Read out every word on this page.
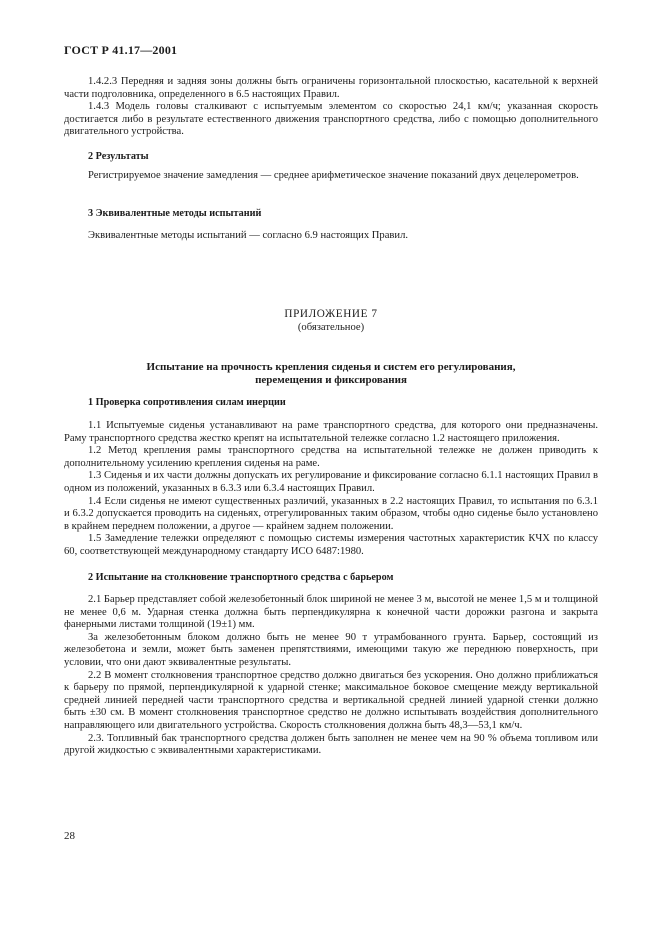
ГОСТ Р 41.17—2001

1.4.2.3 Передняя и задняя зоны должны быть ограничены горизонтальной плоскостью, касательной к верхней части подголовника, определенного в 6.5 настоящих Правил.

1.4.3 Модель головы сталкивают с испытуемым элементом со скоростью 24,1 км/ч; указанная скорость достигается либо в результате естественного движения транспортного средства, либо с помощью дополнительного двигательного устройства.

2 Результаты

Регистрируемое значение замедления — среднее арифметическое значение показаний двух децелерометров.

3 Эквивалентные методы испытаний

Эквивалентные методы испытаний — согласно 6.9 настоящих Правил.

ПРИЛОЖЕНИЕ 7
(обязательное)
Испытание на прочность крепления сиденья и систем его регулирования,
перемещения и фиксирования
1 Проверка сопротивления силам инерции

1.1 Испытуемые сиденья устанавливают на раме транспортного средства, для которого они предназначены. Раму транспортного средства жестко крепят на испытательной тележке согласно 1.2 настоящего приложения.

1.2 Метод крепления рамы транспортного средства на испытательной тележке не должен приводить к дополнительному усилению крепления сиденья на раме.

1.3 Сиденья и их части должны допускать их регулирование и фиксирование согласно 6.1.1 настоящих Правил в одном из положений, указанных в 6.3.3 или 6.3.4 настоящих Правил.

1.4 Если сиденья не имеют существенных различий, указанных в 2.2 настоящих Правил, то испытания по 6.3.1 и 6.3.2 допускается проводить на сиденьях, отрегулированных таким образом, чтобы одно сиденье было установлено в крайнем переднем положении, а другое — крайнем заднем положении.

1.5 Замедление тележки определяют с помощью системы измерения частотных характеристик КЧХ по классу 60, соответствующей международному стандарту ИСО 6487:1980.

2 Испытание на столкновение транспортного средства с барьером

2.1 Барьер представляет собой железобетонный блок шириной не менее 3 м, высотой не менее 1,5 м и толщиной не менее 0,6 м. Ударная стенка должна быть перпендикулярна к конечной части дорожки разгона и закрыта фанерными листами толщиной (19±1) мм.

За железобетонным блоком должно быть не менее 90 т утрамбованного грунта. Барьер, состоящий из железобетона и земли, может быть заменен препятствиями, имеющими такую же переднюю поверхность, при условии, что они дают эквивалентные результаты.

2.2 В момент столкновения транспортное средство должно двигаться без ускорения. Оно должно приближаться к барьеру по прямой, перпендикулярной к ударной стенке; максимальное боковое смещение между вертикальной средней линией передней части транспортного средства и вертикальной средней линией ударной стенки должно быть ±30 см. В момент столкновения транспортное средство не должно испытывать воздействия дополнительного направляющего или двигательного устройства. Скорость столкновения должна быть 48,3—53,1 км/ч.

2.3. Топливный бак транспортного средства должен быть заполнен не менее чем на 90 % объема топливом или другой жидкостью с эквивалентными характеристиками.

28
